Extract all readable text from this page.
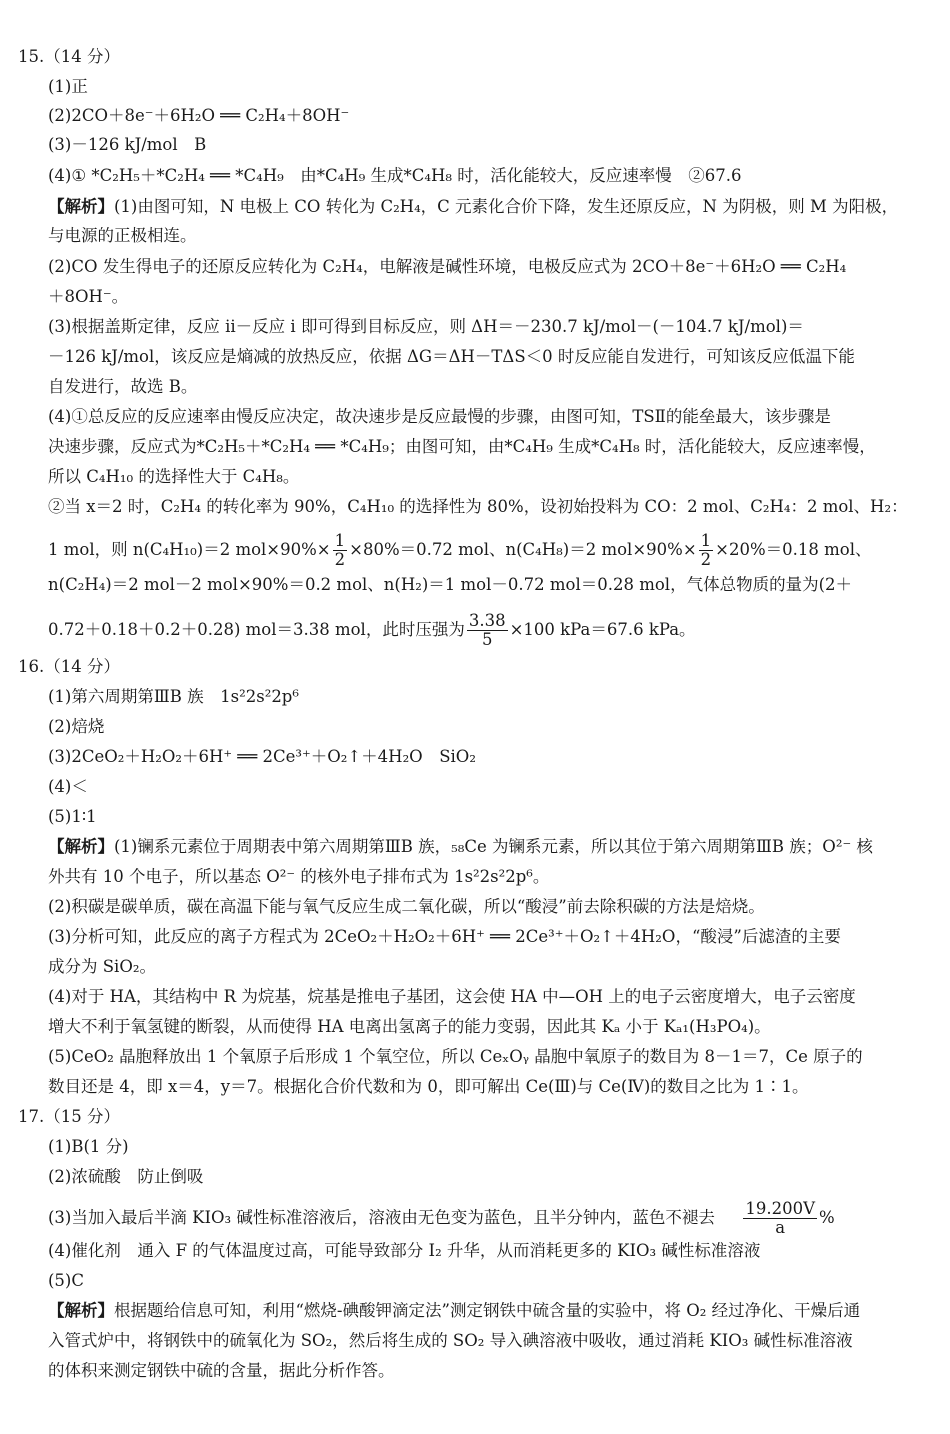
15.（14 分）
(1)正
(2)2CO＋8e⁻＋6H₂O ══ C₂H₄＋8OH⁻
(3)－126 kJ/mol　B
(4)① *C₂H₅＋*C₂H₄ ══ *C₄H₉　由*C₄H₉ 生成*C₄H₈ 时，活化能较大，反应速率慢　②67.6
【解析】(1)由图可知，N 电极上 CO 转化为 C₂H₄，C 元素化合价下降，发生还原反应，N 为阴极，则 M 为阳极，
与电源的正极相连。
(2)CO 发生得电子的还原反应转化为 C₂H₄，电解液是碱性环境，电极反应式为 2CO＋8e⁻＋6H₂O ══ C₂H₄
＋8OH⁻。
(3)根据盖斯定律，反应 ⅱ－反应 ⅰ 即可得到目标反应，则 ΔH＝－230.7 kJ/mol－(－104.7 kJ/mol)＝
－126 kJ/mol，该反应是熵减的放热反应，依据 ΔG＝ΔH－TΔS＜0 时反应能自发进行，可知该反应低温下能
自发进行，故选 B。
(4)①总反应的反应速率由慢反应决定，故决速步是反应最慢的步骤，由图可知，TSⅡ的能垒最大，该步骤是
决速步骤，反应式为*C₂H₅＋*C₂H₄ ══ *C₄H₉；由图可知，由*C₄H₉ 生成*C₄H₈ 时，活化能较大，反应速率慢，
所以 C₄H₁₀ 的选择性大于 C₄H₈。
②当 x＝2 时，C₂H₄ 的转化率为 90%，C₄H₁₀ 的选择性为 80%，设初始投料为 CO：2 mol、C₂H₄：2 mol、H₂：
1 mol，则 n(C₄H₁₀)＝2 $mol\times 90\%\times \frac{1}{2} \times 80\%=0.72$ mol、n(C₄H₈)＝2 $mol\times 90\%\times \frac{1}{2} \times 20\%=0.18$ mol、
n(C₂H₄)＝2 mol－2 mol×90%＝0.2 mol、n(H₂)＝1 mol－0.72 mol＝0.28 mol，气体总物质的量为(2＋
0.72＋0.18＋0.2＋0.28) mol＝3.38 mol，此时压强为 $\frac{3.38}{5} \times 100$ kPa＝67.6 kPa。
16.（14 分）
(1)第六周期第ⅢB 族　1s²2s²2p⁶
(2)焙烧
(3)2CeO₂＋H₂O₂＋6H⁺ ══ 2Ce³⁺＋O₂↑＋4H₂O　SiO₂
(4)＜
(5)1∶1
【解析】(1)镧系元素位于周期表中第六周期第ⅢB 族，₅₈Ce 为镧系元素，所以其位于第六周期第ⅢB 族；O²⁻ 核
外共有 10 个电子，所以基态 O²⁻ 的核外电子排布式为 1s²2s²2p⁶。
(2)积碳是碳单质，碳在高温下能与氧气反应生成二氧化碳，所以“酸浸”前去除积碳的方法是焙烧。
(3)分析可知，此反应的离子方程式为 2CeO₂＋H₂O₂＋6H⁺ ══ 2Ce³⁺＋O₂↑＋4H₂O，“酸浸”后滤渣的主要
成分为 SiO₂。
(4)对于 HA，其结构中 R 为烷基，烷基是推电子基团，这会使 HA 中—OH 上的电子云密度增大，电子云密度
增大不利于氧氢键的断裂，从而使得 HA 电离出氢离子的能力变弱，因此其 Kₐ 小于 Kₐ₁(H₃PO₄)。
(5)CeO₂ 晶胞释放出 1 个氧原子后形成 1 个氧空位，所以 CeₓOᵧ 晶胞中氧原子的数目为 8－1＝7，Ce 原子的
数目还是 4，即 x＝4，y＝7。根据化合价代数和为 0，即可解出 Ce(Ⅲ)与 Ce(Ⅳ)的数目之比为 1∶1。
17.（15 分）
(1)B(1 分)
(2)浓硫酸　防止倒吸
(3)当加入最后半滴 KIO₃ 碱性标准溶液后，溶液由无色变为蓝色，且半分钟内，蓝色不褪去 $\frac{19.200V}{a}$ %
(4)催化剂　通入 F 的气体温度过高，可能导致部分 I₂ 升华，从而消耗更多的 KIO₃ 碱性标准溶液
(5)C
【解析】根据题给信息可知，利用“燃烧-碘酸钾滴定法”测定钢铁中硫含量的实验中，将 O₂ 经过净化、干燥后通
入管式炉中，将钢铁中的硫氧化为 SO₂，然后将生成的 SO₂ 导入碘溶液中吸收，通过消耗 KIO₃ 碱性标准溶液
的体积来测定钢铁中硫的含量，据此分析作答。
